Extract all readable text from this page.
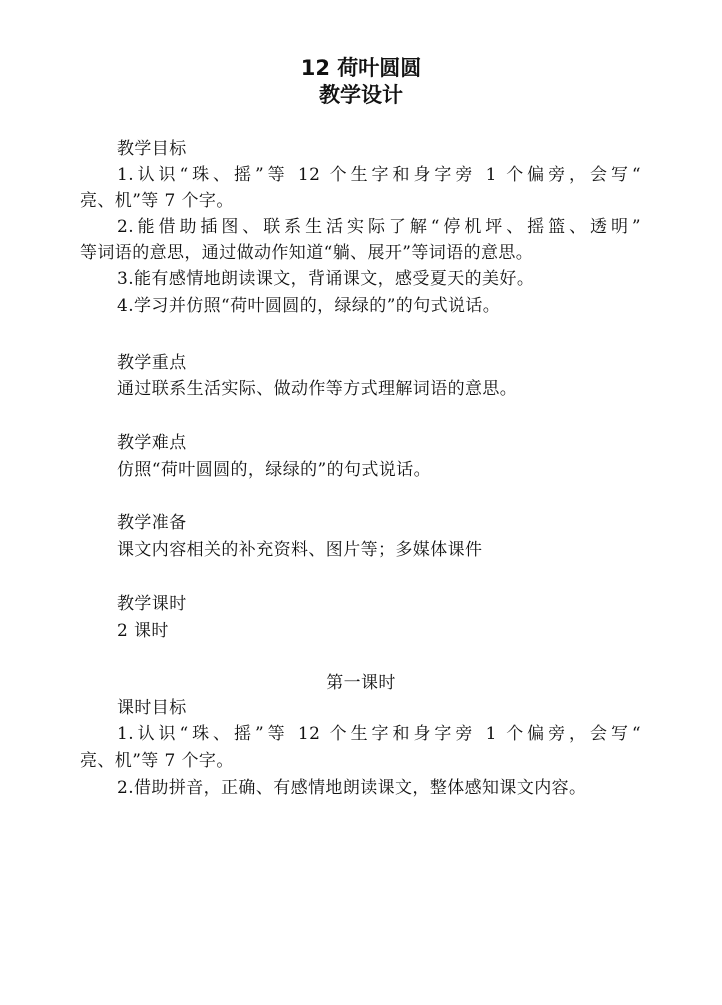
12 荷叶圆圆
教学设计
教学目标
1.认识“珠、摇”等 12 个生字和身字旁 1 个偏旁，会写“
亮、机”等 7 个字。
2.能借助插图、联系生活实际了解“停机坪、摇篮、透明”
等词语的意思，通过做动作知道“躺、展开”等词语的意思。
3.能有感情地朗读课文，背诵课文，感受夏天的美好。
4.学习并仿照“荷叶圆圆的，绿绿的”的句式说话。
教学重点
通过联系生活实际、做动作等方式理解词语的意思。
教学难点
仿照“荷叶圆圆的，绿绿的”的句式说话。
教学准备
课文内容相关的补充资料、图片等；多媒体课件
教学课时
2 课时
第一课时
课时目标
1.认识“珠、摇”等 12 个生字和身字旁 1 个偏旁，会写“
亮、机”等 7 个字。
2.借助拼音，正确、有感情地朗读课文，整体感知课文内容。
